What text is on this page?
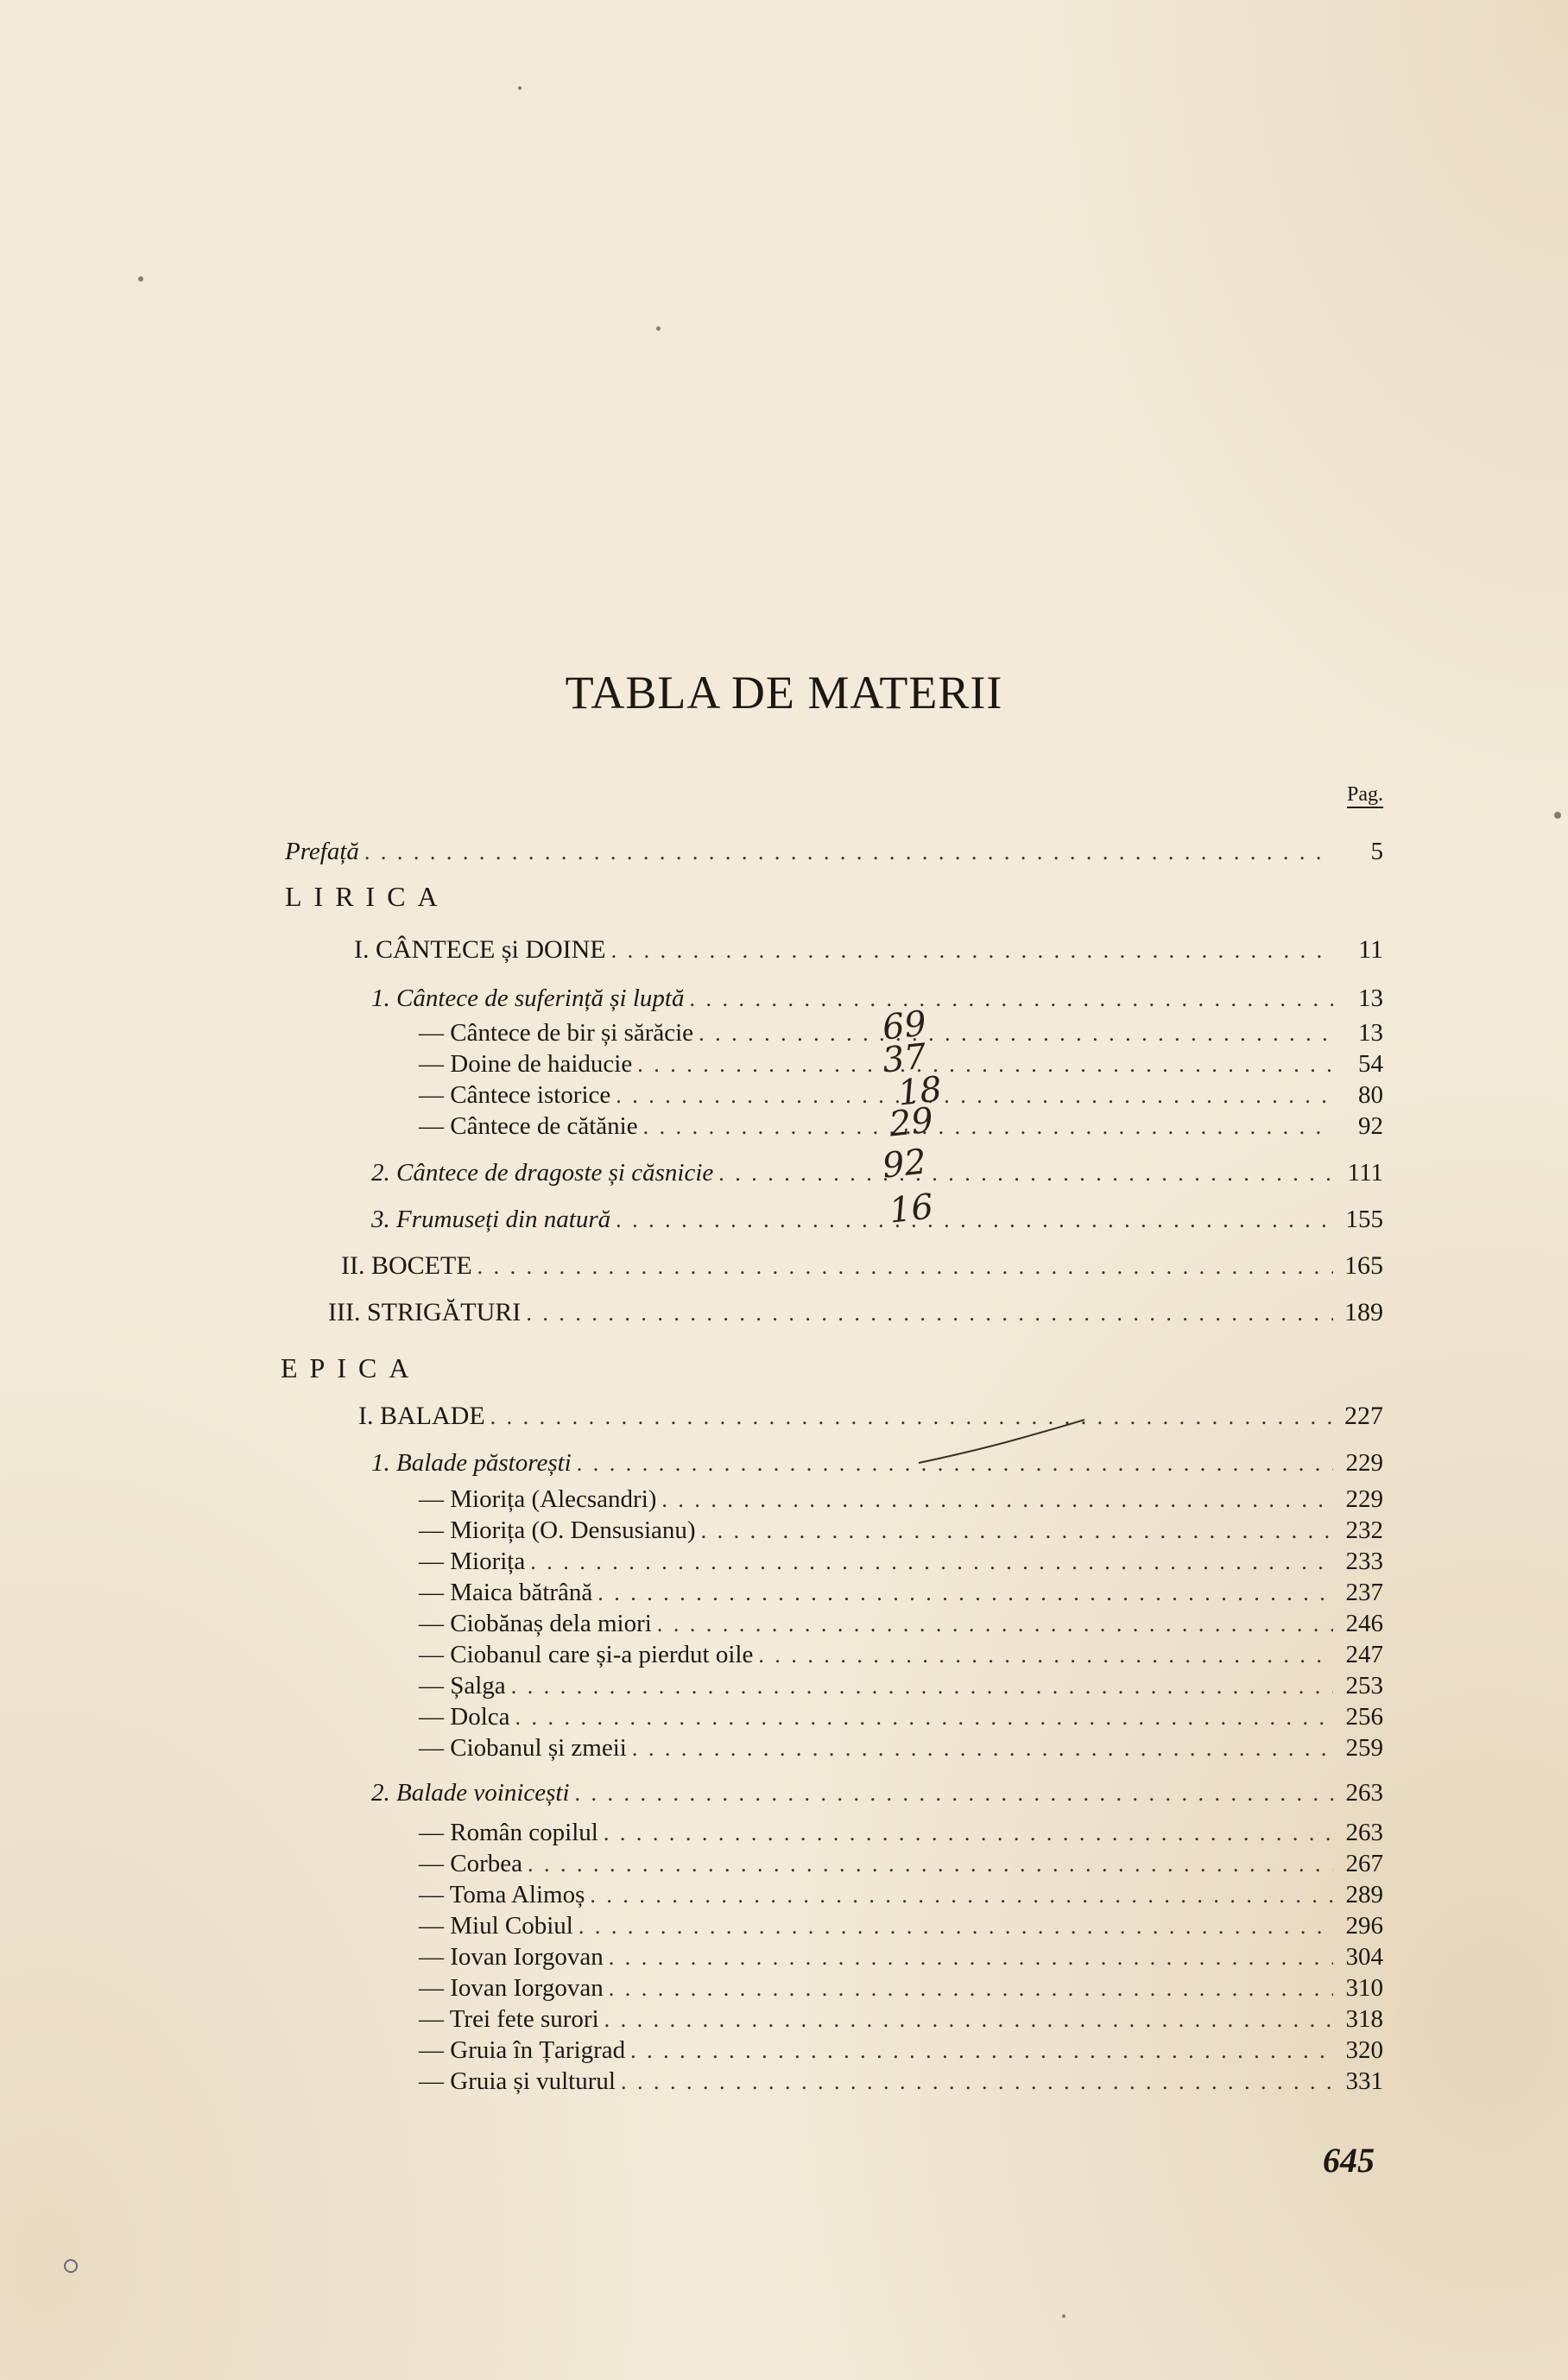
TABLA DE MATERII
Pag.
Prefață . . .	5
LIRICA
I. CÂNTECE și DOINE . . .	11
1. Cântece de suferință și luptă . . .	13
— Cântece de bir și sărăcie . . .	13
— Doine de haiducie . . .	54
— Cântece istorice . . .	80
— Cântece de cătănie . . .	92
2. Cântece de dragoste și căsnicie . . .	111
3. Frumuseți din natură . . .	155
II. BOCETE . . .	165
III. STRIGĂTURI . . .	189
EPICA
I. BALADE . . .	227
1. Balade păstorești . . .	229
— Miorița (Alecsandri) . . .	229
— Miorița (O. Densusianu) . . .	232
— Miorița . . .	233
— Maica bătrână . . .	237
— Ciobănaș dela miori . . .	246
— Ciobanul care și-a pierdut oile . . .	247
— Șalga . . .	253
— Dolca . . .	256
— Ciobanul și zmeii . . .	259
2. Balade voinicești . . .	263
— Român copilul . . .	263
— Corbea . . .	267
— Toma Alimoș . . .	289
— Miul Cobiul . . .	296
— Iovan Iorgovan . . .	304
— Iovan Iorgovan . . .	310
— Trei fete surori . . .	318
— Gruia în Țarigrad . . .	320
— Gruia și vulturul . . .	331
69
37
18
29
92
16
645
